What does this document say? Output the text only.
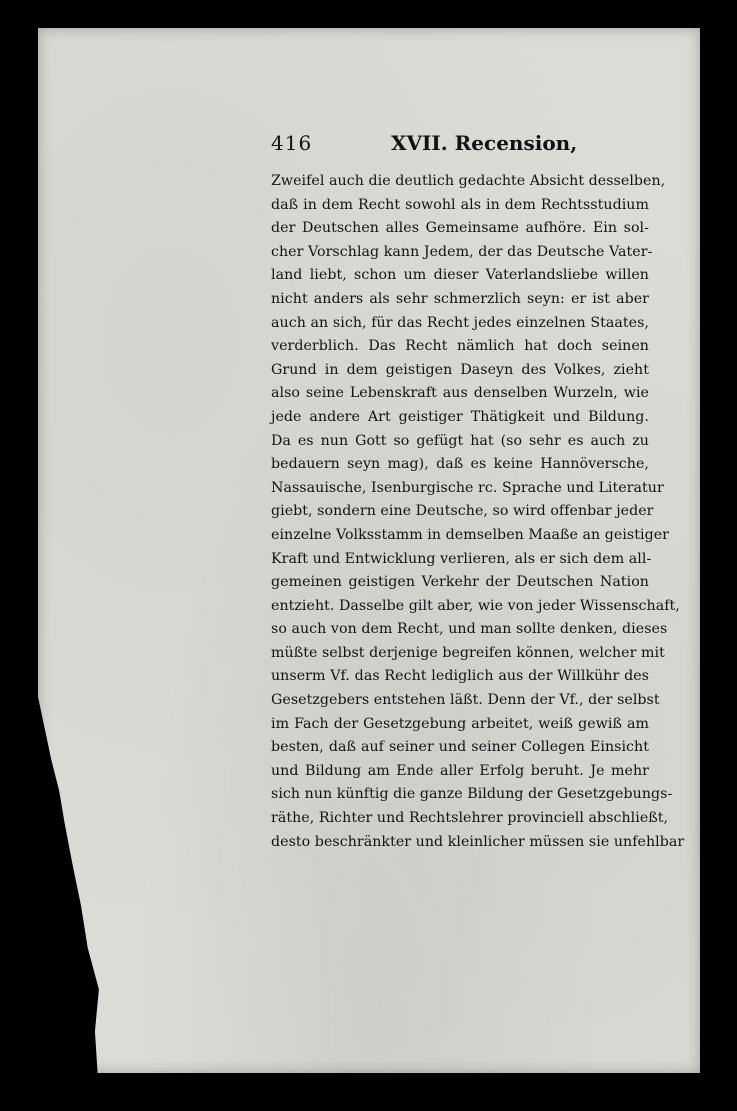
416	XVII. Recension,
Zweifel auch die deutlich gedachte Absicht desselben,
daß in dem Recht sowohl als in dem Rechtsstudium
der Deutschen alles Gemeinsame aufhöre. Ein sol-
cher Vorschlag kann Jedem, der das Deutsche Vater-
land liebt, schon um dieser Vaterlandsliebe willen
nicht anders als sehr schmerzlich seyn: er ist aber
auch an sich, für das Recht jedes einzelnen Staates,
verderblich. Das Recht nämlich hat doch seinen
Grund in dem geistigen Daseyn des Volkes, zieht
also seine Lebenskraft aus denselben Wurzeln, wie
jede andere Art geistiger Thätigkeit und Bildung.
Da es nun Gott so gefügt hat (so sehr es auch zu
bedauern seyn mag), daß es keine Hannöversche,
Nassauische, Isenburgische rc. Sprache und Literatur
giebt, sondern eine Deutsche, so wird offenbar jeder
einzelne Volksstamm in demselben Maaße an geistiger
Kraft und Entwicklung verlieren, als er sich dem all-
gemeinen geistigen Verkehr der Deutschen Nation
entzieht. Dasselbe gilt aber, wie von jeder Wissenschaft,
so auch von dem Recht, und man sollte denken, dieses
müßte selbst derjenige begreifen können, welcher mit
unserm Vf. das Recht lediglich aus der Willkühr des
Gesetzgebers entstehen läßt. Denn der Vf., der selbst
im Fach der Gesetzgebung arbeitet, weiß gewiß am
besten, daß auf seiner und seiner Collegen Einsicht
und Bildung am Ende aller Erfolg beruht. Je mehr
sich nun künftig die ganze Bildung der Gesetzgebungs-
räthe, Richter und Rechtslehrer provinciell abschließt,
desto beschränkter und kleinlicher müssen sie unfehlbar
